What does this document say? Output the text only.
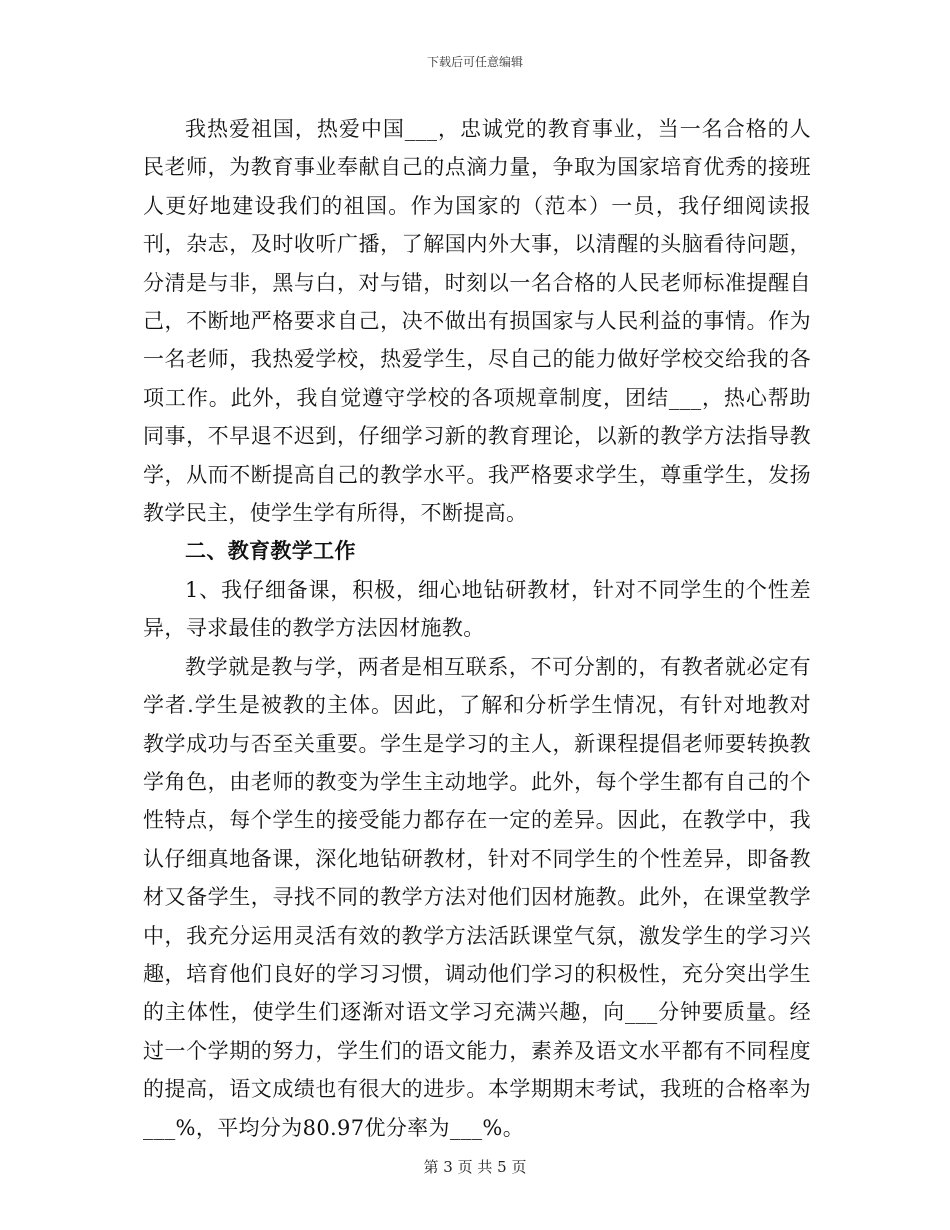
下载后可任意编辑

我热爱祖国，热爱中国___，忠诚党的教育事业，当一名合格的人民老师，为教育事业奉献自己的点滴力量，争取为国家培育优秀的接班人更好地建设我们的祖国。作为国家的（范本）一员，我仔细阅读报刊，杂志，及时收听广播，了解国内外大事，以清醒的头脑看待问题，分清是与非，黑与白，对与错，时刻以一名合格的人民老师标准提醒自己，不断地严格要求自己，决不做出有损国家与人民利益的事情。作为一名老师，我热爱学校，热爱学生，尽自己的能力做好学校交给我的各项工作。此外，我自觉遵守学校的各项规章制度，团结___，热心帮助同事，不早退不迟到，仔细学习新的教育理论，以新的教学方法指导教学，从而不断提高自己的教学水平。我严格要求学生，尊重学生，发扬教学民主，使学生学有所得，不断提高。

二、教育教学工作

1、我仔细备课，积极，细心地钻研教材，针对不同学生的个性差异，寻求最佳的教学方法因材施教。

教学就是教与学，两者是相互联系，不可分割的，有教者就必定有学者.学生是被教的主体。因此，了解和分析学生情况，有针对地教对教学成功与否至关重要。学生是学习的主人，新课程提倡老师要转换教学角色，由老师的教变为学生主动地学。此外，每个学生都有自己的个性特点，每个学生的接受能力都存在一定的差异。因此，在教学中，我认仔细真地备课，深化地钻研教材，针对不同学生的个性差异，即备教材又备学生，寻找不同的教学方法对他们因材施教。此外，在课堂教学中，我充分运用灵活有效的教学方法活跃课堂气氛，激发学生的学习兴趣，培育他们良好的学习习惯，调动他们学习的积极性，充分突出学生的主体性，使学生们逐渐对语文学习充满兴趣，向___分钟要质量。经过一个学期的努力，学生们的语文能力，素养及语文水平都有不同程度的提高，语文成绩也有很大的进步。本学期期末考试，我班的合格率为___%，平均分为80.97优分率为___%。

第 3 页 共 5 页
